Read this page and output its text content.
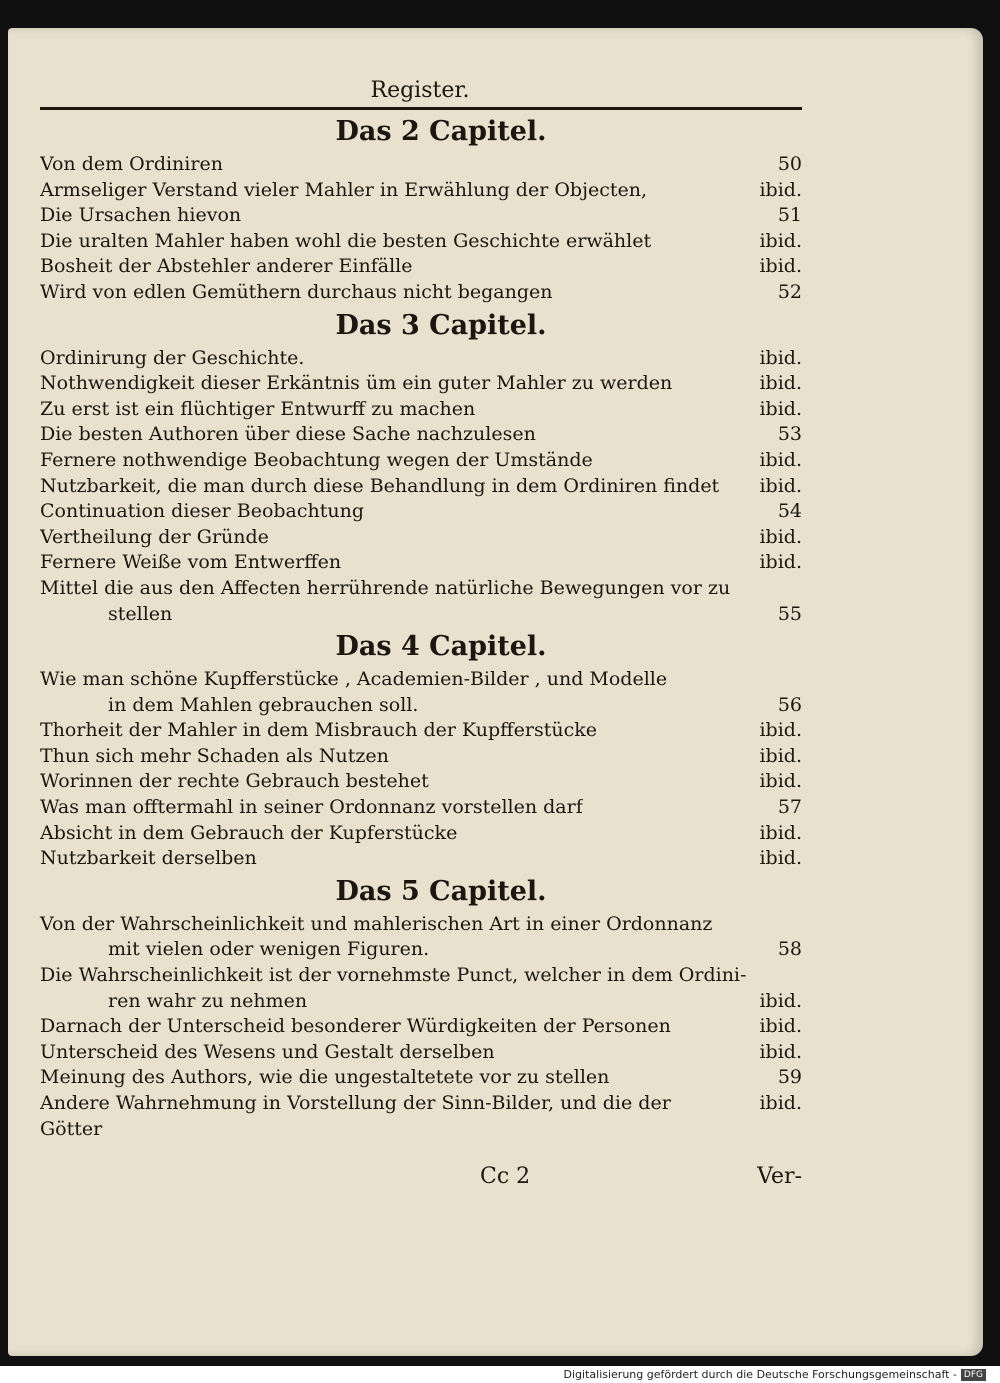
Register.
Das 2 Capitel.
Von dem Ordiniren	50
Armseliger Verstand vieler Mahler in Erwählung der Objecten,	ibid.
Die Ursachen hievon	51
Die uralten Mahler haben wohl die besten Geschichte erwählet	ibid.
Bosheit der Abstehler anderer Einfälle	ibid.
Wird von edlen Gemüthern durchaus nicht begangen	52
Das 3 Capitel.
Ordinirung der Geschichte.	ibid.
Nothwendigkeit dieser Erkäntnis üm ein guter Mahler zu werden	ibid.
Zu erst ist ein flüchtiger Entwurff zu machen	ibid.
Die besten Authoren über diese Sache nachzulesen	53
Fernere nothwendige Beobachtung wegen der Umstände	ibid.
Nutzbarkeit, die man durch diese Behandlung in dem Ordiniren findet	ibid.
Continuation dieser Beobachtung	54
Vertheilung der Gründe	ibid.
Fernere Weiße vom Entwerffen	ibid.
Mittel die aus den Affecten herrührende natürliche Bewegungen vor zu
stellen	55
Das 4 Capitel.
Wie man schöne Kupfferstücke , Academien-Bilder , und Modelle
in dem Mahlen gebrauchen soll.	56
Thorheit der Mahler in dem Misbrauch der Kupfferstücke	ibid.
Thun sich mehr Schaden als Nutzen	ibid.
Worinnen der rechte Gebrauch bestehet	ibid.
Was man offtermahl in seiner Ordonnanz vorstellen darf	57
Absicht in dem Gebrauch der Kupferstücke	ibid.
Nutzbarkeit derselben	ibid.
Das 5 Capitel.
Von der Wahrscheinlichkeit und mahlerischen Art in einer Ordonnanz
mit vielen oder wenigen Figuren.	58
Die Wahrscheinlichkeit ist der vornehmste Punct, welcher in dem Ordini-
ren wahr zu nehmen	ibid.
Darnach der Unterscheid besonderer Würdigkeiten der Personen	ibid.
Unterscheid des Wesens und Gestalt derselben	ibid.
Meinung des Authors, wie die ungestaltetete vor zu stellen	59
Andere Wahrnehmung in Vorstellung der Sinn-Bilder, und die der	ibid.
Götter
Cc 2	Ver-
Digitalisierung gefördert durch die Deutsche Forschungsgemeinschaft - DFG
